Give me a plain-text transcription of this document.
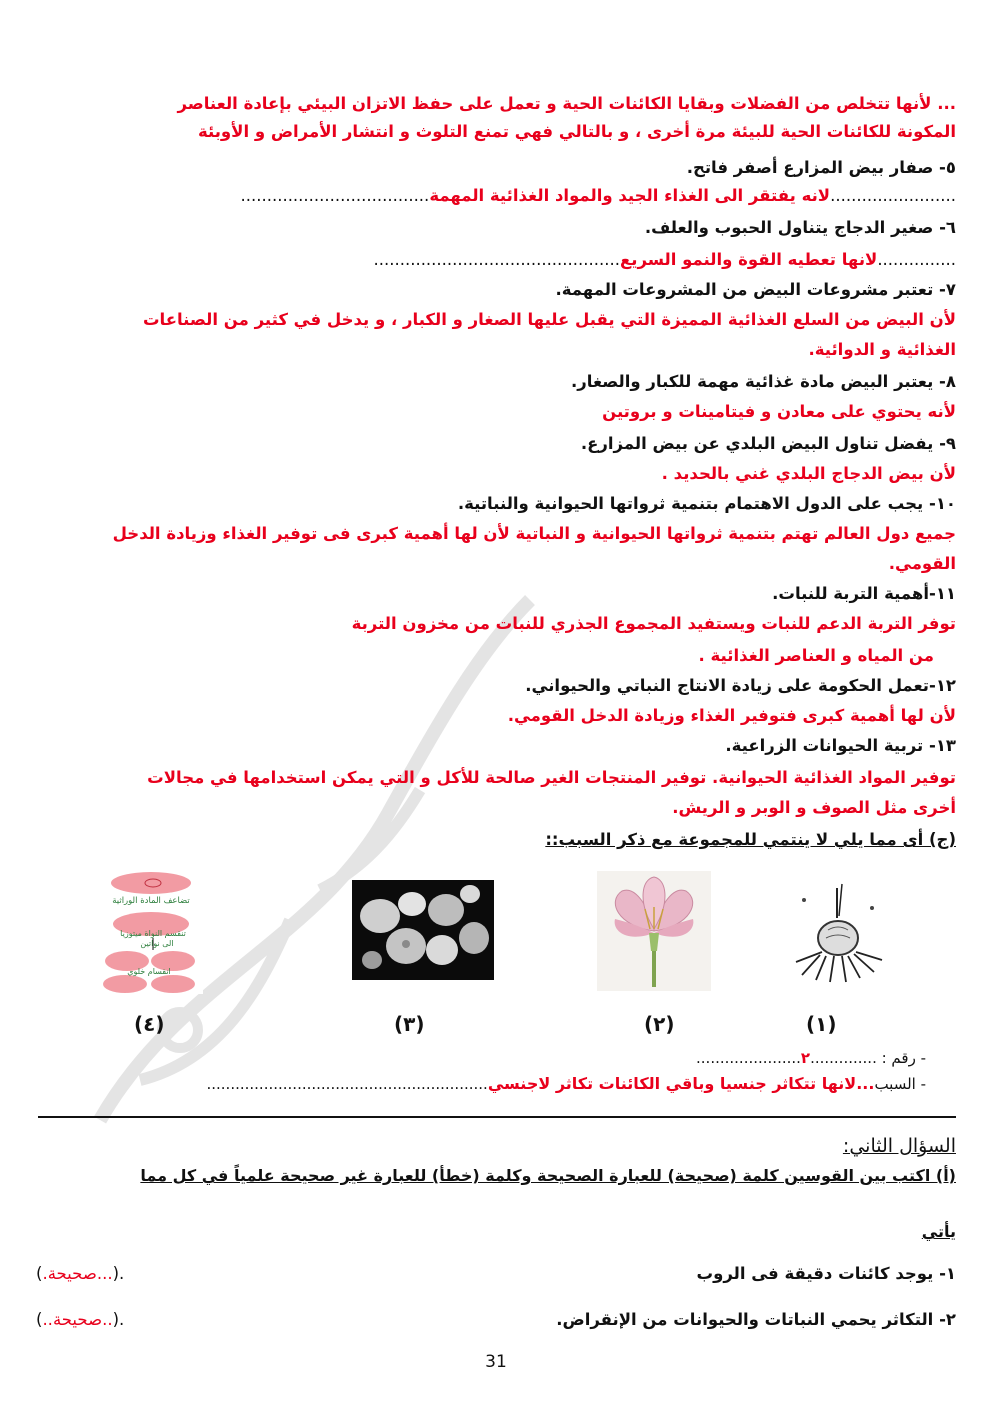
... لأنها تتخلص من الفضلات وبقايا الكائنات الحية و تعمل على حفظ الاتزان البيئي بإعادة العناصر
المكونة للكائنات الحية للبيئة مرة أخرى ، و بالتالي فهي تمنع التلوث و انتشار الأمراض و الأوبئة
٥- صفار بيض المزارع أصفر فاتح.
........................لانه يفتقر الى الغذاء الجيد والمواد الغذائية المهمة....................................
٦- صغير الدجاج يتناول الحبوب والعلف.
...............لانها تعطيه القوة والنمو السريع...............................................
٧- تعتبر مشروعات البيض من المشروعات المهمة.
لأن البيض من السلع الغذائية المميزة التي يقبل عليها الصغار و الكبار ، و يدخل في كثير من الصناعات
الغذائية و الدوائية.
٨- يعتبر البيض مادة غذائية مهمة للكبار والصغار.
لأنه يحتوي على معادن و فيتامينات و بروتين
٩- يفضل تناول البيض البلدي عن بيض المزارع.
لأن بيض الدجاج البلدي غني بالحديد .
١٠- يجب على الدول الاهتمام بتنمية ثرواتها الحيوانية والنباتية.
جميع دول العالم تهتم بتنمية ثرواتها الحيوانية و النباتية لأن لها أهمية كبرى فى توفير الغذاء وزيادة الدخل
القومي.
١١-أهمية التربة للنبات.
توفر التربة الدعم للنبات ويستفيد المجموع الجذري للنبات من مخزون التربة
من المياه و العناصر الغذائية .
١٢-تعمل الحكومة على زيادة الانتاج النباتي والحيواني.
لأن لها أهمية كبرى فتوفير الغذاء وزيادة الدخل القومي.
١٣- تربية الحيوانات الزراعية.
توفير المواد الغذائية الحيوانية. توفير المنتجات الغير صالحة للأكل و التي يمكن استخدامها في مجالات
أخرى مثل الصوف و الوبر و الريش.
(ج) أى مما يلي لا ينتمي للمجموعة مع ذكر السبب::
تضاعف المادة الوراثية
تنقسم النواة ميتوزيا
الى نواتين
انقسام خلوي
(١)
(٢)
(٣)
(٤)
- رقم : ..............٢......................
- السبب...لانها تتكاثر جنسيا وباقي الكائنات تكاثر لاجنسي...........................................................
السؤال الثاني:
(أ) اكتب بين القوسين كلمة (صحيحة) للعبارة الصحيحة وكلمة (خطأ) للعبارة غير صحيحة علمياً في كل مما
يأتي
١- يوجد كائنات دقيقة فى الروب
(.صحيحة...).
٢- التكاثر يحمي النباتات والحيوانات من الإنقراض.
(..صحيحة..).
31
